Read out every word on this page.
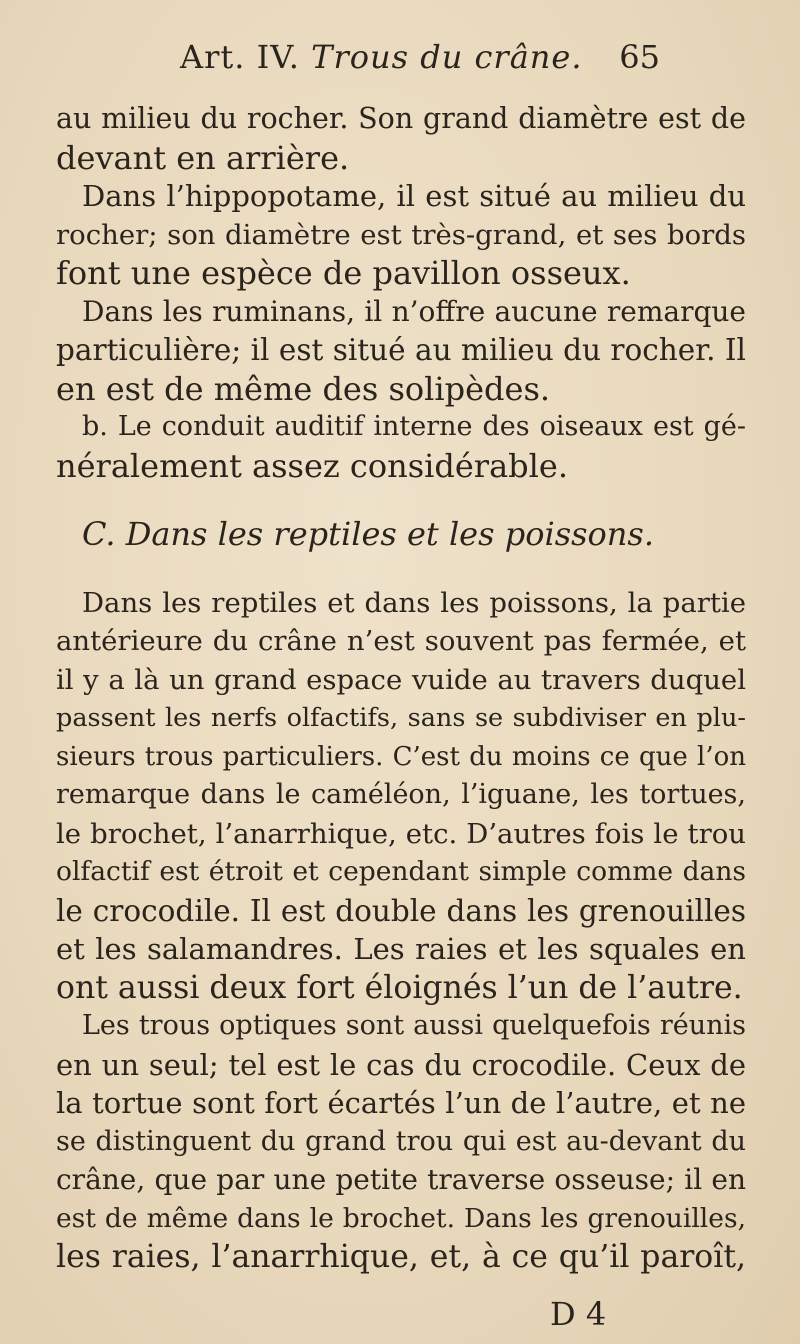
Art. IV. Trous du crâne. 65
au milieu du rocher. Son grand diamètre est de
devant en arrière.
Dans l’hippopotame, il est situé au milieu du
rocher; son diamètre est très-grand, et ses bords
font une espèce de pavillon osseux.
Dans les ruminans, il n’offre aucune remarque
particulière; il est situé au milieu du rocher. Il
en est de même des solipèdes.
b. Le conduit auditif interne des oiseaux est gé-
néralement assez considérable.
C. Dans les reptiles et les poissons.
Dans les reptiles et dans les poissons, la partie
antérieure du crâne n’est souvent pas fermée, et
il y a là un grand espace vuide au travers duquel
passent les nerfs olfactifs, sans se subdiviser en plu-
sieurs trous particuliers. C’est du moins ce que l’on
remarque dans le caméléon, l’iguane, les tortues,
le brochet, l’anarrhique, etc. D’autres fois le trou
olfactif est étroit et cependant simple comme dans
le crocodile. Il est double dans les grenouilles
et les salamandres. Les raies et les squales en
ont aussi deux fort éloignés l’un de l’autre.
Les trous optiques sont aussi quelquefois réunis
en un seul; tel est le cas du crocodile. Ceux de
la tortue sont fort écartés l’un de l’autre, et ne
se distinguent du grand trou qui est au-devant du
crâne, que par une petite traverse osseuse; il en
est de même dans le brochet. Dans les grenouilles,
les raies, l’anarrhique, et, à ce qu’il paroît,
D 4
